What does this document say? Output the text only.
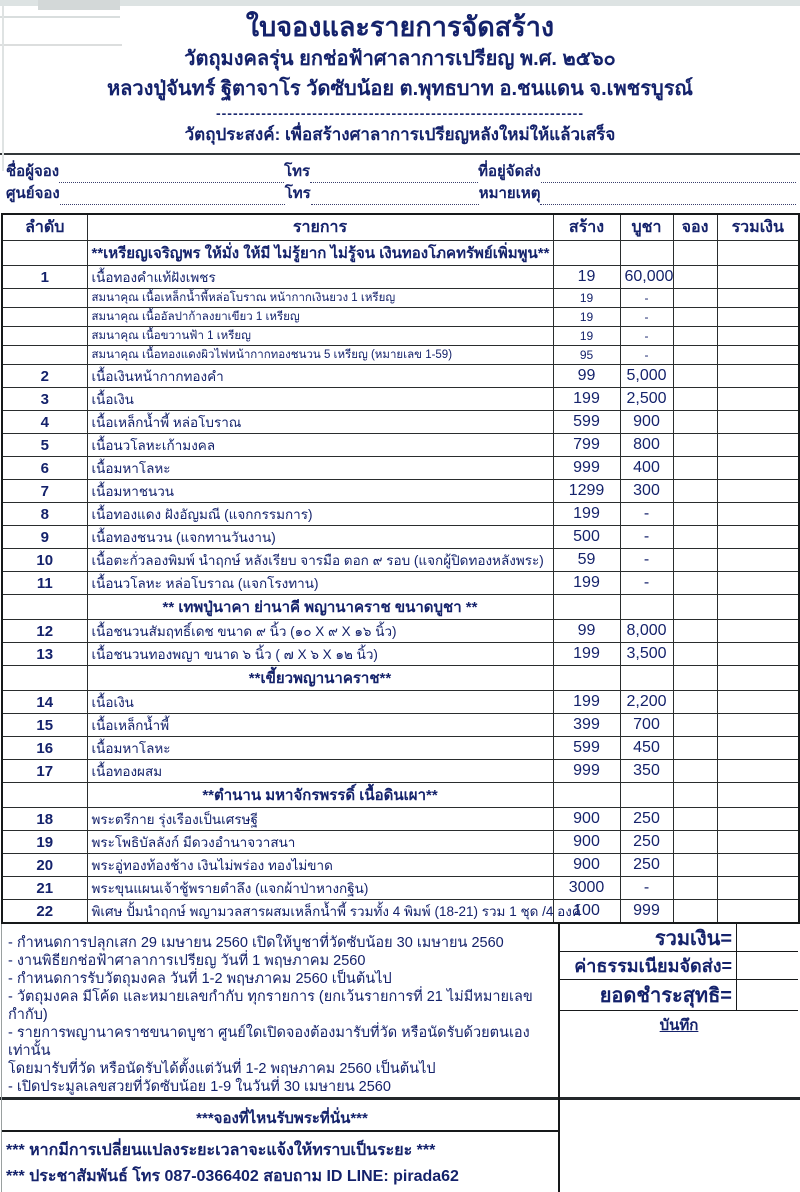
ใบจองและรายการจัดสร้าง
วัตถุมงคลรุ่น ยกช่อฟ้าศาลาการเปรียญ พ.ศ. ๒๕๖๐
หลวงปู่จันทร์ ฐิตาจาโร วัดซับน้อย ต.พุทธบาท อ.ชนแดน จ.เพชรบูรณ์
-----------------------------------------------------------------
วัตถุประสงค์: เพื่อสร้างศาลาการเปรียญหลังใหม่ให้แล้วเสร็จ
ชื่อผู้จอง	โทร	ที่อยู่จัดส่ง
ศูนย์จอง	โทร	หมายเหตุ
ลำดับ	รายการ	สร้าง	บูชา	จอง	รวมเงิน
	**เหรียญเจริญพร ให้มั่ง ให้มี ไม่รู้ยาก ไม่รู้จน เงินทองโภคทรัพย์เพิ่มพูน**				
1	เนื้อทองคำแท้ฝังเพชร	19	60,000		
	สมนาคุณ เนื้อเหล็กน้ำพี้หล่อโบราณ หน้ากากเงินยวง 1 เหรียญ	19	-		
	สมนาคุณ เนื้ออัลปาก้าลงยาเขียว 1 เหรียญ	19	-		
	สมนาคุณ เนื้อขวานฟ้า 1 เหรียญ	19	-		
	สมนาคุณ เนื้อทองแดงผิวไฟหน้ากากทองชนวน 5 เหรียญ (หมายเลข 1-59)	95	-		
2	เนื้อเงินหน้ากากทองคำ	99	5,000		
3	เนื้อเงิน	199	2,500		
4	เนื้อเหล็กน้ำพี้ หล่อโบราณ	599	900		
5	เนื้อนวโลหะเก้ามงคล	799	800		
6	เนื้อมหาโลหะ	999	400		
7	เนื้อมหาชนวน	1299	300		
8	เนื้อทองแดง ฝังอัญมณี (แจกกรรมการ)	199	-		
9	เนื้อทองชนวน (แจกทานวันงาน)	500	-		
10	เนื้อตะกั่วลองพิมพ์ นำฤกษ์ หลังเรียบ จารมือ ตอก ๙ รอบ (แจกผู้ปิดทองหลังพระ)	59	-		
11	เนื้อนวโลหะ หล่อโบราณ (แจกโรงทาน)	199	-		
	** เทพปู่นาคา ย่านาคี พญานาคราช ขนาดบูชา **				
12	เนื้อชนวนสัมฤทธิ์เดช ขนาด ๙ นิ้ว (๑๐ X ๙ X ๑๖ นิ้ว)	99	8,000		
13	เนื้อชนวนทองพญา ขนาด ๖ นิ้ว ( ๗ X ๖ X ๑๒ นิ้ว)	199	3,500		
	**เขี้ยวพญานาคราช**				
14	เนื้อเงิน	199	2,200		
15	เนื้อเหล็กน้ำพี้	399	700		
16	เนื้อมหาโลหะ	599	450		
17	เนื้อทองผสม	999	350		
	**ตำนาน มหาจักรพรรดิ์ เนื้อดินเผา**				
18	พระตรีกาย รุ่งเรืองเป็นเศรษฐี	900	250		
19	พระโพธิบัลลังก์ มีดวงอำนาจวาสนา	900	250		
20	พระอู่ทองท้องช้าง เงินไม่พร่อง ทองไม่ขาด	900	250		
21	พระขุนแผนเจ้าชู้พรายตำลึง (แจกผ้าป่าหางกฐิน)	3000	-		
22	พิเศษ ปั้มนำฤกษ์ พญามวลสารผสมเหล็กน้ำพี้ รวมทั้ง 4 พิมพ์ (18-21) รวม 1 ชุด /4 องค์	100	999		
- กำหนดการปลุกเสก 29 เมษายน 2560 เปิดให้บูชาที่วัดซับน้อย 30 เมษายน 2560
- งานพิธียกช่อฟ้าศาลาการเปรียญ วันที่ 1 พฤษภาคม 2560
- กำหนดการรับวัตถุมงคล วันที่ 1-2 พฤษภาคม 2560 เป็นต้นไป
- วัตถุมงคล มีโค้ด และหมายเลขกำกับ ทุกรายการ (ยกเว้นรายการที่ 21 ไม่มีหมายเลขกำกับ)
- รายการพญานาคราชขนาดบูชา ศูนย์ใดเปิดจองต้องมารับที่วัด หรือนัดรับด้วยตนเอง เท่านั้น
โดยมารับที่วัด หรือนัดรับได้ตั้งแต่วันที่ 1-2 พฤษภาคม 2560 เป็นต้นไป
- เปิดประมูลเลขสวยที่วัดซับน้อย 1-9 ในวันที่ 30 เมษายน 2560
***จองที่ไหนรับพระที่นั่น***
*** หากมีการเปลี่ยนแปลงระยะเวลาจะแจ้งให้ทราบเป็นระยะ ***
*** ประชาสัมพันธ์ โทร 087-0366402 สอบถาม ID LINE: pirada62
รวมเงิน=
ค่าธรรมเนียมจัดส่ง=
ยอดชำระสุทธิ=
บันทึก
